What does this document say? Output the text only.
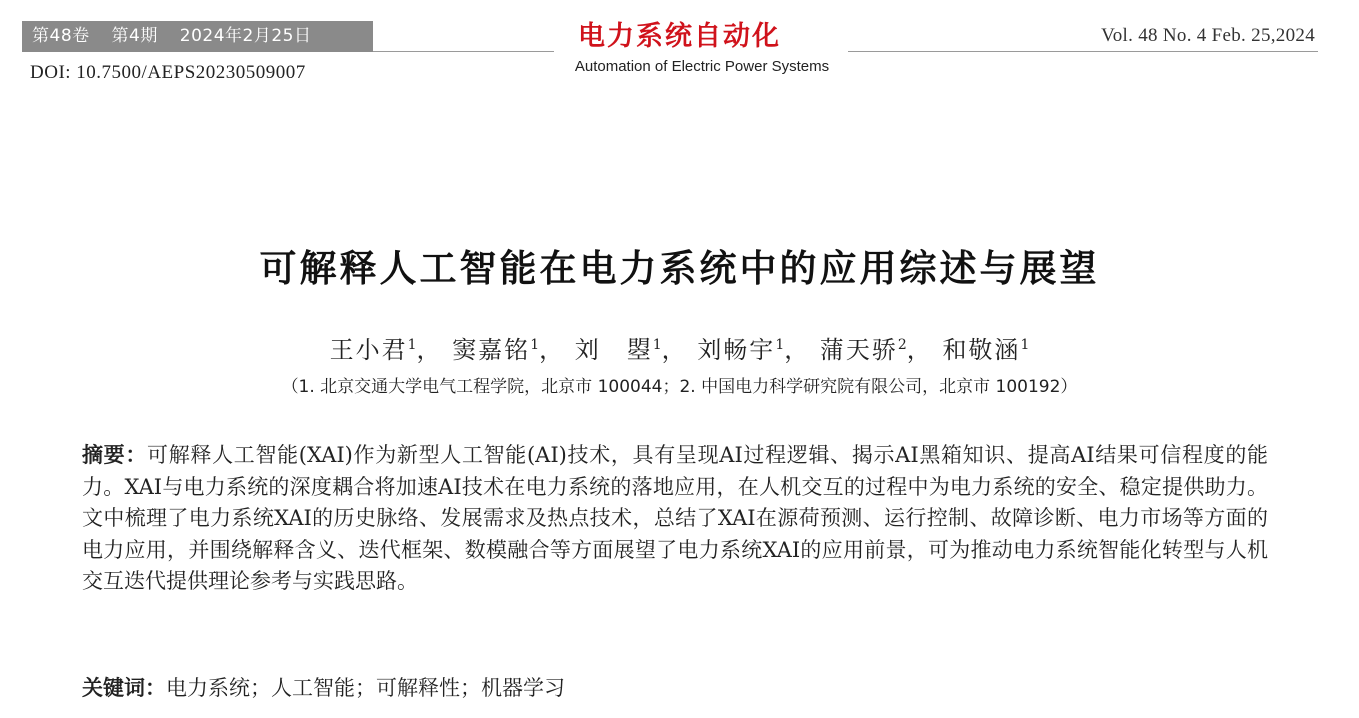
第48卷 第4期 2024年2月25日	电力系统自动化
Automation of Electric Power Systems
Vol. 48 No. 4 Feb. 25,2024
DOI: 10.7500/AEPS20230509007
可解释人工智能在电力系统中的应用综述与展望
王小君$^1$， 窦嘉铭$^1$， 刘　曌$^1$， 刘畅宇$^1$， 蒲天骄$^2$， 和敬涵$^1$
（1. 北京交通大学电气工程学院，北京市 100044；2. 中国电力科学研究院有限公司，北京市 100192）
摘要：可解释人工智能(XAI)作为新型人工智能(AI)技术，具有呈现AI过程逻辑、揭示AI黑箱知识、提高AI结果可信程度的能力。XAI与电力系统的深度耦合将加速AI技术在电力系统的落地应用，在人机交互的过程中为电力系统的安全、稳定提供助力。文中梳理了电力系统XAI的历史脉络、发展需求及热点技术，总结了XAI在源荷预测、运行控制、故障诊断、电力市场等方面的电力应用，并围绕解释含义、迭代框架、数模融合等方面展望了电力系统XAI的应用前景，可为推动电力系统智能化转型与人机交互迭代提供理论参考与实践思路。
关键词：电力系统；人工智能；可解释性；机器学习
